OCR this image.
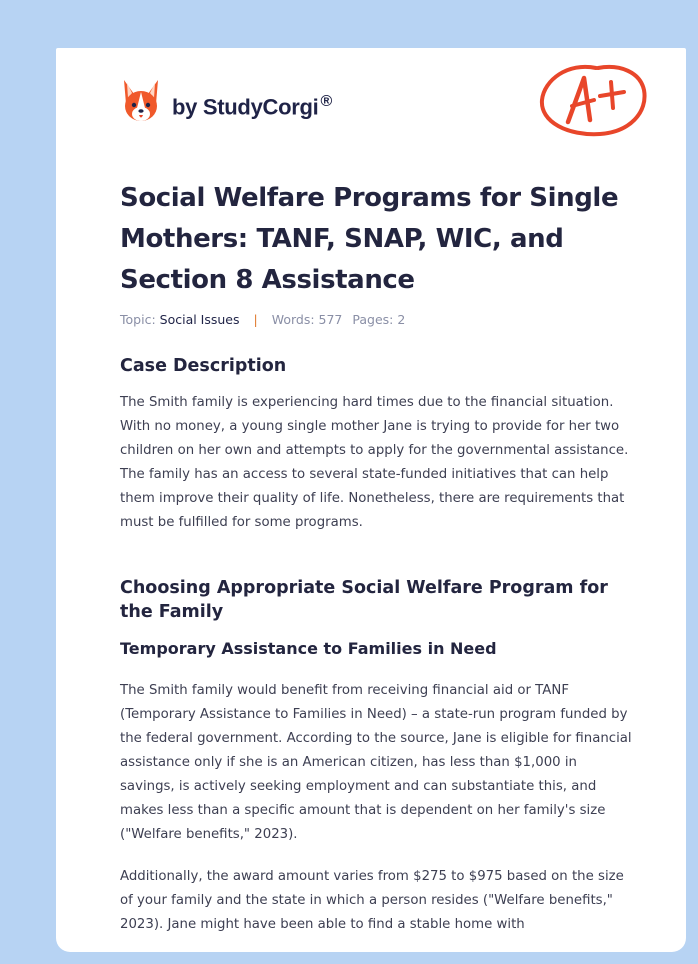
by StudyCorgi ®
Social Welfare Programs for Single Mothers: TANF, SNAP, WIC, and Section 8 Assistance
Topic: Social Issues | Words: 577 Pages: 2
Case Description

The Smith family is experiencing hard times due to the financial situation. With no money, a young single mother Jane is trying to provide for her two children on her own and attempts to apply for the governmental assistance. The family has an access to several state-funded initiatives that can help them improve their quality of life. Nonetheless, there are requirements that must be fulfilled for some programs.

Choosing Appropriate Social Welfare Program for the Family
Temporary Assistance to Families in Need

The Smith family would benefit from receiving financial aid or TANF (Temporary Assistance to Families in Need) – a state-run program funded by the federal government. According to the source, Jane is eligible for financial assistance only if she is an American citizen, has less than $1,000 in savings, is actively seeking employment and can substantiate this, and makes less than a specific amount that is dependent on her family's size ("Welfare benefits," 2023).

Additionally, the award amount varies from $275 to $975 based on the size of your family and the state in which a person resides ("Welfare benefits," 2023). Jane might have been able to find a stable home with
